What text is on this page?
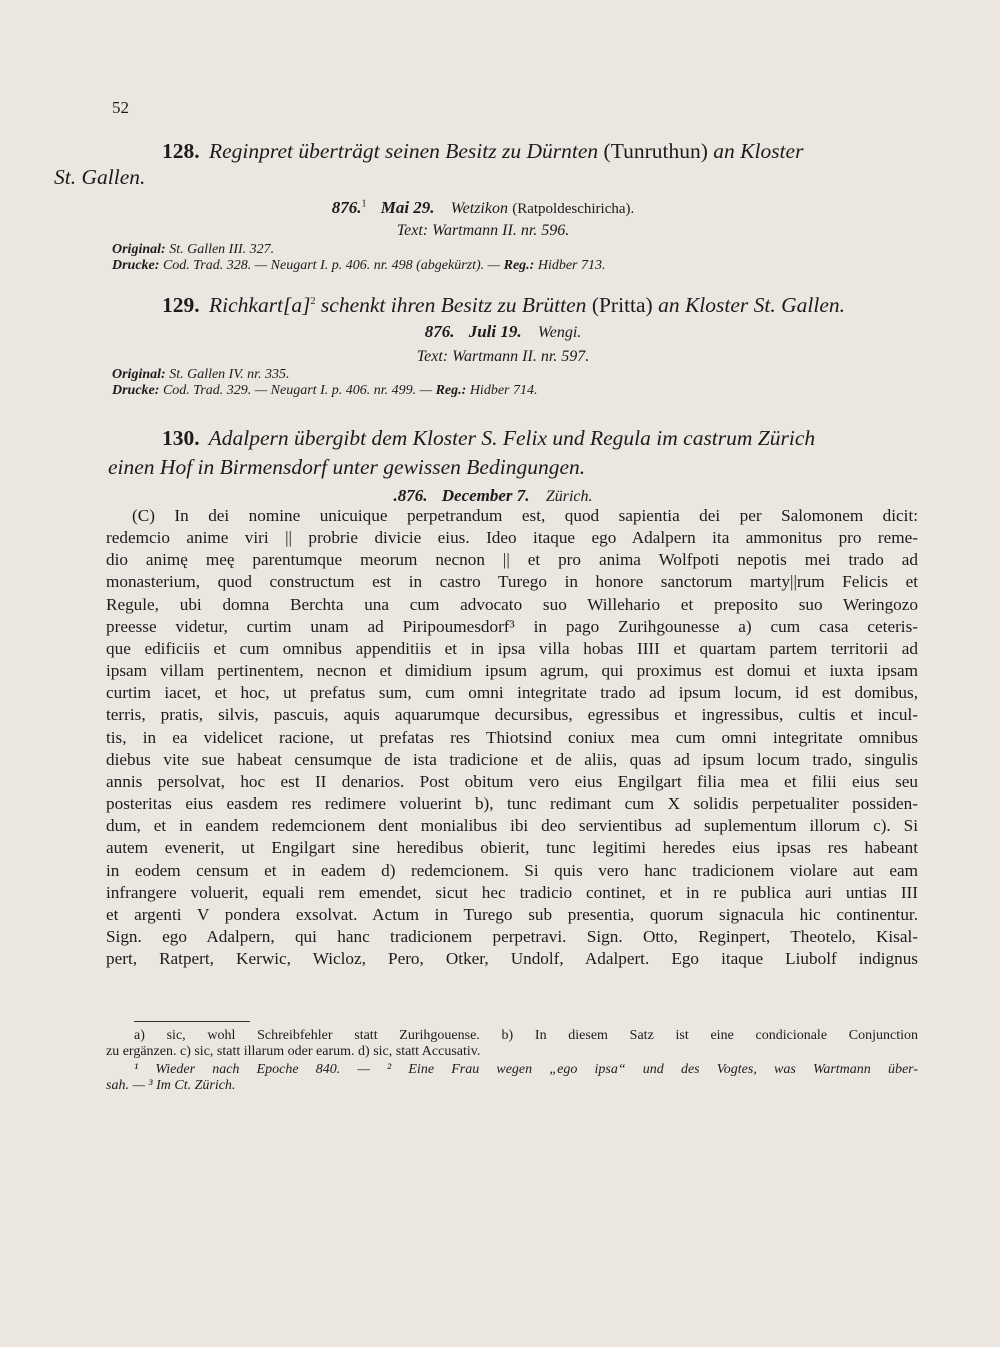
52
128. Reginpret überträgt seinen Besitz zu Dürnten (Tunruthun) an Kloster
St. Gallen.
876.$^1$ Mai 29. Wetzikon (Ratpoldeschiricha).
Text: Wartmann II. nr. 596.
Original: St. Gallen III. 327.
Drucke: Cod. Trad. 328. — Neugart I. p. 406. nr. 498 (abgekürzt). — Reg.: Hidber 713.
129. $Richkart[a]^2$ schenkt ihren Besitz zu Brütten (Pritta) an Kloster St. Gallen.
876. Juli 19. Wengi.
Text: Wartmann II. nr. 597.
Original: St. Gallen IV. nr. 335.
Drucke: Cod. Trad. 329. — Neugart I. p. 406. nr. 499. — Reg.: Hidber 714.
130. Adalpern übergibt dem Kloster S. Felix und Regula im castrum Zürich
einen Hof in Birmensdorf unter gewissen Bedingungen.
.876. December 7. Zürich.
(C) In dei nomine unicuique perpetrandum est, quod sapientia dei per Salomonem dicit:
redemcio anime viri || probrie divicie eius. Ideo itaque ego Adalpern ita ammonitus pro reme-
dio animę meę parentumque meorum necnon || et pro anima Wolfpoti nepotis mei trado ad
monasterium, quod constructum est in castro Turego in honore sanctorum marty||rum Felicis et
Regule, ubi domna Berchta una cum advocato suo Willehario et preposito suo Weringozo
preesse videtur, curtim unam ad Piripoumesdorf³ in pago Zurihgounesse a) cum casa ceteris-
que edificiis et cum omnibus appenditiis et in ipsa villa hobas IIII et quartam partem territorii ad
ipsam villam pertinentem, necnon et dimidium ipsum agrum, qui proximus est domui et iuxta ipsam
curtim iacet, et hoc, ut prefatus sum, cum omni integritate trado ad ipsum locum, id est domibus,
terris, pratis, silvis, pascuis, aquis aquarumque decursibus, egressibus et ingressibus, cultis et incul-
tis, in ea videlicet racione, ut prefatas res Thiotsind coniux mea cum omni integritate omnibus
diebus vite sue habeat censumque de ista tradicione et de aliis, quas ad ipsum locum trado, singulis
annis persolvat, hoc est II denarios. Post obitum vero eius Engilgart filia mea et filii eius seu
posteritas eius easdem res redimere voluerint b), tunc redimant cum X solidis perpetualiter possiden-
dum, et in eandem redemcionem dent monialibus ibi deo servientibus ad suplementum illorum c). Si
autem evenerit, ut Engilgart sine heredibus obierit, tunc legitimi heredes eius ipsas res habeant
in eodem censum et in eadem d) redemcionem. Si quis vero hanc tradicionem violare aut eam
infrangere voluerit, equali rem emendet, sicut hec tradicio continet, et in re publica auri untias III
et argenti V pondera exsolvat. Actum in Turego sub presentia, quorum signacula hic continentur.
Sign. ego Adalpern, qui hanc tradicionem perpetravi. Sign. Otto, Reginpert, Theotelo, Kisal-
pert, Ratpert, Kerwic, Wicloz, Pero, Otker, Undolf, Adalpert. Ego itaque Liubolf indignus
a) sic, wohl Schreibfehler statt Zurihgouense. b) In diesem Satz ist eine condicionale Conjunction
zu ergänzen. c) sic, statt illarum oder earum. d) sic, statt Accusativ.
¹ Wieder nach Epoche 840. — ² Eine Frau wegen „ego ipsa“ und des Vogtes, was Wartmann über-
sah. — ³ Im Ct. Zürich.
